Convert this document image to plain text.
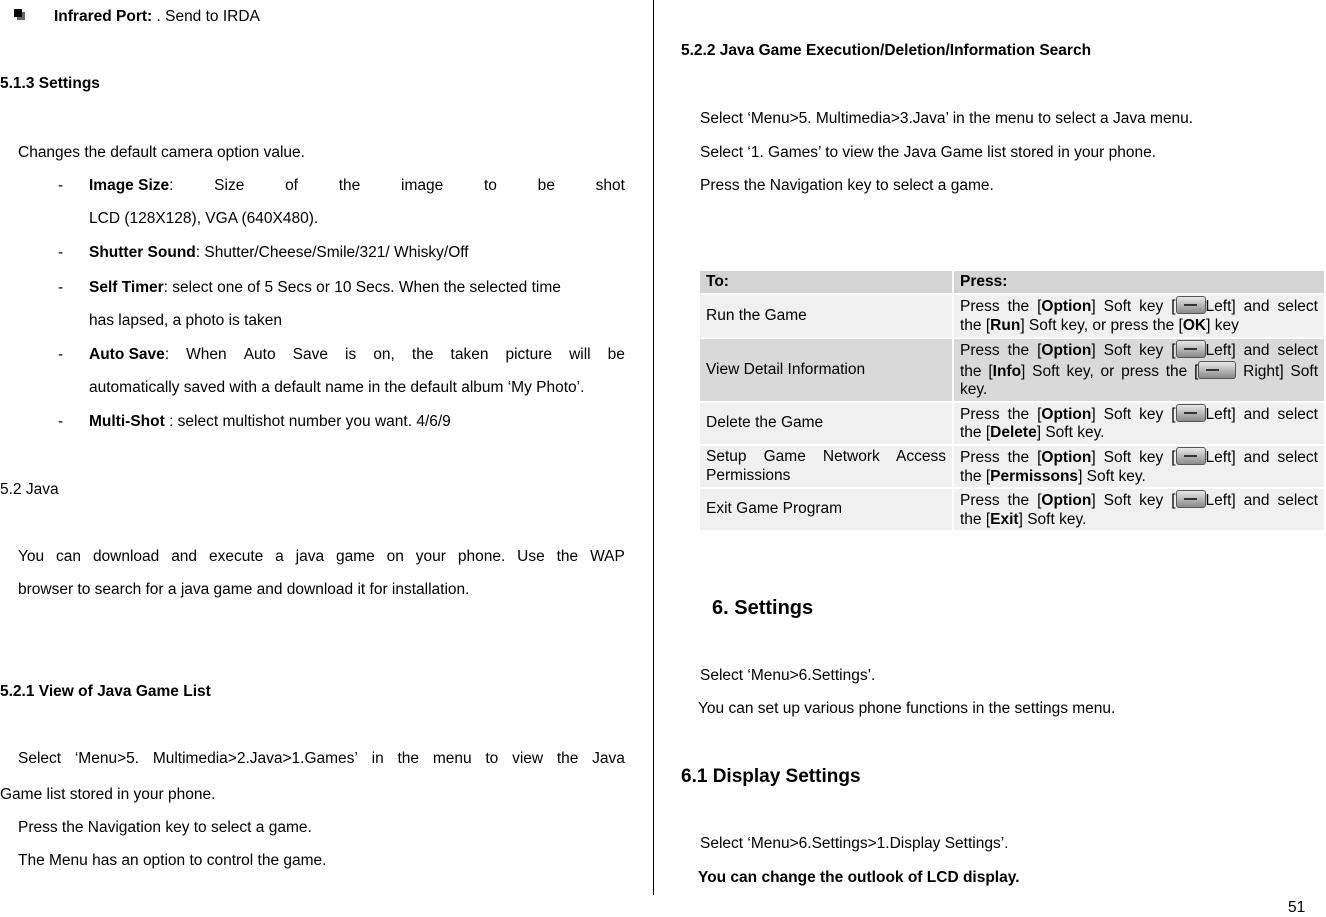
Infrared Port: . Send to IRDA
5.1.3 Settings
Changes the default camera option value.
- Image Size:	Size	of	the	image	to	be	shot
LCD (128X128), VGA (640X480).
- Shutter Sound: Shutter/Cheese/Smile/321/ Whisky/Off
- Self Timer: select one of 5 Secs or 10 Secs. When the selected time
has lapsed, a photo is taken
- Auto Save: When Auto Save is on, the taken picture will be
automatically saved with a default name in the default album ‘My Photo’.
- Multi-Shot : select multishot number you want. 4/6/9
5.2 Java
You can download and execute a java game on your phone. Use the WAP
browser to search for a java game and download it for installation.
5.2.1 View of Java Game List
Select ‘Menu>5. Multimedia>2.Java>1.Games’ in the menu to view the Java
Game list stored in your phone.
Press the Navigation key to select a game.
The Menu has an option to control the game.
5.2.2 Java Game Execution/Deletion/Information Search
Select ‘Menu>5. Multimedia>3.Java’ in the menu to select a Java menu.
Select ‘1. Games’ to view the Java Game list stored in your phone.
Press the Navigation key to select a game.
To:	Press:
Run the Game	Press the [Option] Soft key [ Left] and select the [Run] Soft key, or press the [OK] key
View Detail Information	Press the [Option] Soft key [ Left] and select the [Info] Soft key, or press the [ Right] Soft key.
Delete the Game	Press the [Option] Soft key [ Left] and select the [Delete] Soft key.
Setup Game Network Access Permissions	Press the [Option] Soft key [ Left] and select the [Permissons] Soft key.
Exit Game Program	Press the [Option] Soft key [ Left] and select the [Exit] Soft key.
6. Settings
Select ‘Menu>6.Settings’.
You can set up various phone functions in the settings menu.
6.1 Display Settings
Select ‘Menu>6.Settings>1.Display Settings’.
You can change the outlook of LCD display.
51
